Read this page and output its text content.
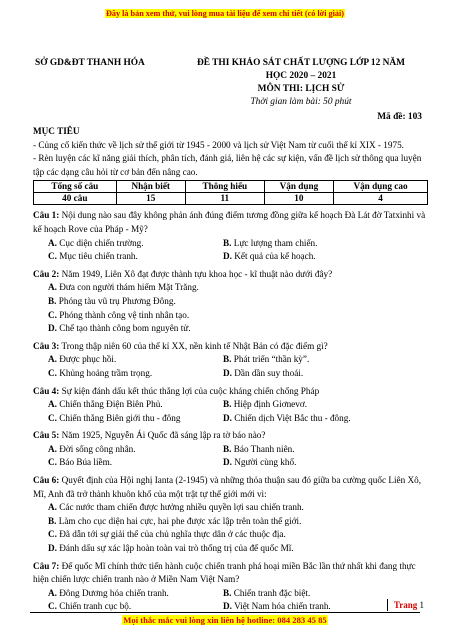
Đây là bản xem thử, vui lòng mua tài liệu để xem chi tiết (có lời giải)
SỞ GD&ĐT THANH HÓA	ĐỀ THI KHẢO SÁT CHẤT LƯỢNG LỚP 12 NĂM
HỌC 2020 – 2021
MÔN THI: LỊCH SỬ
Thời gian làm bài: 50 phút
Mã đề: 103
MỤC TIÊU

- Củng cố kiến thức về lịch sử thế giới từ 1945 - 2000 và lịch sử Việt Nam từ cuối thế kỉ XIX - 1975.

- Rèn luyện các kĩ năng giải thích, phân tích, đánh giá, liên hệ các sự kiện, vấn đề lịch sử thông qua luyện tập các dạng câu hỏi từ cơ bản đến nâng cao.

Tổng số câu	Nhận biết	Thông hiểu	Vận dụng	Vận dụng cao
40 câu	15	11	10	4

Câu 1: Nội dung nào sau đây không phản ánh đúng điểm tương đồng giữa kế hoạch Đà Lát đờ Tatxinhi và kế hoạch Rove của Pháp - Mỹ?

A. Cục diện chiến trường.	B. Lực lượng tham chiến.
C. Mục tiêu chiến tranh.	D. Kết quả của kế hoạch.

Câu 2: Năm 1949, Liên Xô đạt được thành tựu khoa học - kĩ thuật nào dưới đây?

A. Đưa con người thám hiểm Mặt Trăng.
B. Phóng tàu vũ trụ Phương Đông.
C. Phóng thành công vệ tinh nhân tạo.
D. Chế tạo thành công bom nguyên tử.

Câu 3: Trong thập niên 60 của thế kỉ XX, nền kinh tế Nhật Bản có đặc điểm gì?

A. Được phục hồi.	B. Phát triển “thần kỳ”.
C. Khủng hoảng trầm trọng.	D. Dần dần suy thoái.

Câu 4: Sự kiện đánh dấu kết thúc thắng lợi của cuộc kháng chiến chống Pháp

A. Chiến thắng Điện Biên Phủ.	B. Hiệp định Giơnevơ.
C. Chiến thắng Biên giới thu - đông	D. Chiến dịch Việt Bắc thu - đông.

Câu 5: Năm 1925, Nguyễn Ái Quốc đã sáng lập ra tờ báo nào?

A. Đời sống công nhân.	B. Báo Thanh niên.
C. Báo Búa liềm.	D. Người cùng khổ.

Câu 6: Quyết định của Hội nghị Ianta (2-1945) và những thỏa thuận sau đó giữa ba cường quốc Liên Xô, Mĩ, Anh đã trở thành khuôn khổ của một trật tự thế giới mới vì:

A. Các nước tham chiến được hưởng nhiều quyền lợi sau chiến tranh.
B. Làm cho cục diện hai cực, hai phe được xác lập trên toàn thế giới.
C. Đã dẫn tới sự giải thể của chủ nghĩa thực dân ở các thuộc địa.
D. Đánh dấu sự xác lập hoàn toàn vai trò thống trị của đế quốc Mĩ.

Câu 7: Đế quốc Mĩ chính thức tiến hành cuộc chiến tranh phá hoại miền Bắc lần thứ nhất khi đang thực hiện chiến lược chiến tranh nào ở Miền Nam Việt Nam?

A. Đông Dương hóa chiến tranh.	B. Chiến tranh đặc biệt.
C. Chiến tranh cục bộ.	D. Việt Nam hóa chiến tranh.	Trang 1
Mọi thắc mắc vui lòng xin liên hệ hotline: 084 283 45 85
